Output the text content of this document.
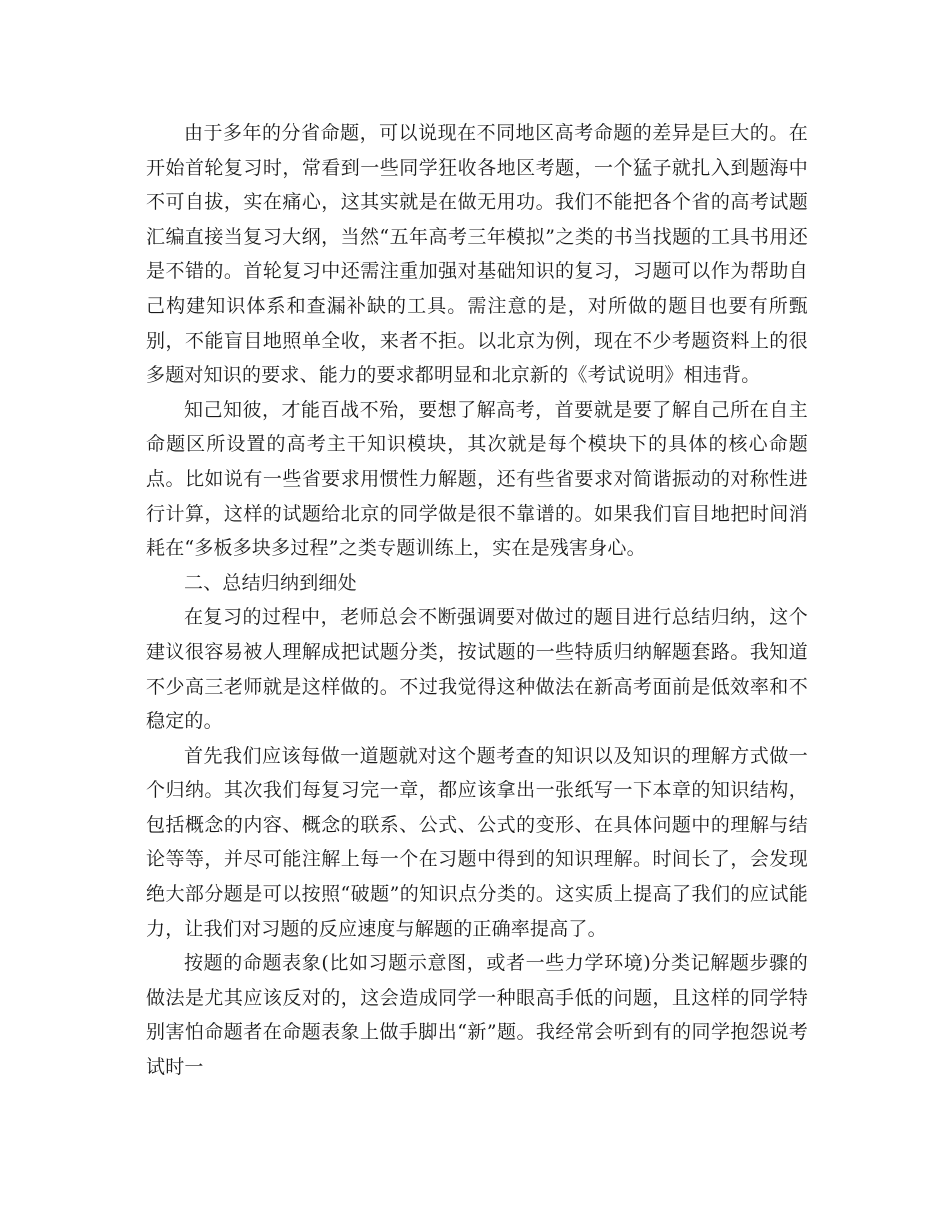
由于多年的分省命题，可以说现在不同地区高考命题的差异是巨大的。在开始首轮复习时，常看到一些同学狂收各地区考题，一个猛子就扎入到题海中不可自拔，实在痛心，这其实就是在做无用功。我们不能把各个省的高考试题汇编直接当复习大纲，当然“五年高考三年模拟”之类的书当找题的工具书用还是不错的。首轮复习中还需注重加强对基础知识的复习，习题可以作为帮助自己构建知识体系和查漏补缺的工具。需注意的是，对所做的题目也要有所甄别，不能盲目地照单全收，来者不拒。以北京为例，现在不少考题资料上的很多题对知识的要求、能力的要求都明显和北京新的《考试说明》相违背。

知己知彼，才能百战不殆，要想了解高考，首要就是要了解自己所在自主命题区所设置的高考主干知识模块，其次就是每个模块下的具体的核心命题点。比如说有一些省要求用惯性力解题，还有些省要求对简谐振动的对称性进行计算，这样的试题给北京的同学做是很不靠谱的。如果我们盲目地把时间消耗在“多板多块多过程”之类专题训练上，实在是残害身心。

二、总结归纳到细处

在复习的过程中，老师总会不断强调要对做过的题目进行总结归纳，这个建议很容易被人理解成把试题分类，按试题的一些特质归纳解题套路。我知道不少高三老师就是这样做的。不过我觉得这种做法在新高考面前是低效率和不稳定的。

首先我们应该每做一道题就对这个题考查的知识以及知识的理解方式做一个归纳。其次我们每复习完一章，都应该拿出一张纸写一下本章的知识结构，包括概念的内容、概念的联系、公式、公式的变形、在具体问题中的理解与结论等等，并尽可能注解上每一个在习题中得到的知识理解。时间长了，会发现绝大部分题是可以按照“破题”的知识点分类的。这实质上提高了我们的应试能力，让我们对习题的反应速度与解题的正确率提高了。

按题的命题表象(比如习题示意图，或者一些力学环境)分类记解题步骤的做法是尤其应该反对的，这会造成同学一种眼高手低的问题，且这样的同学特别害怕命题者在命题表象上做手脚出“新”题。我经常会听到有的同学抱怨说考试时一
